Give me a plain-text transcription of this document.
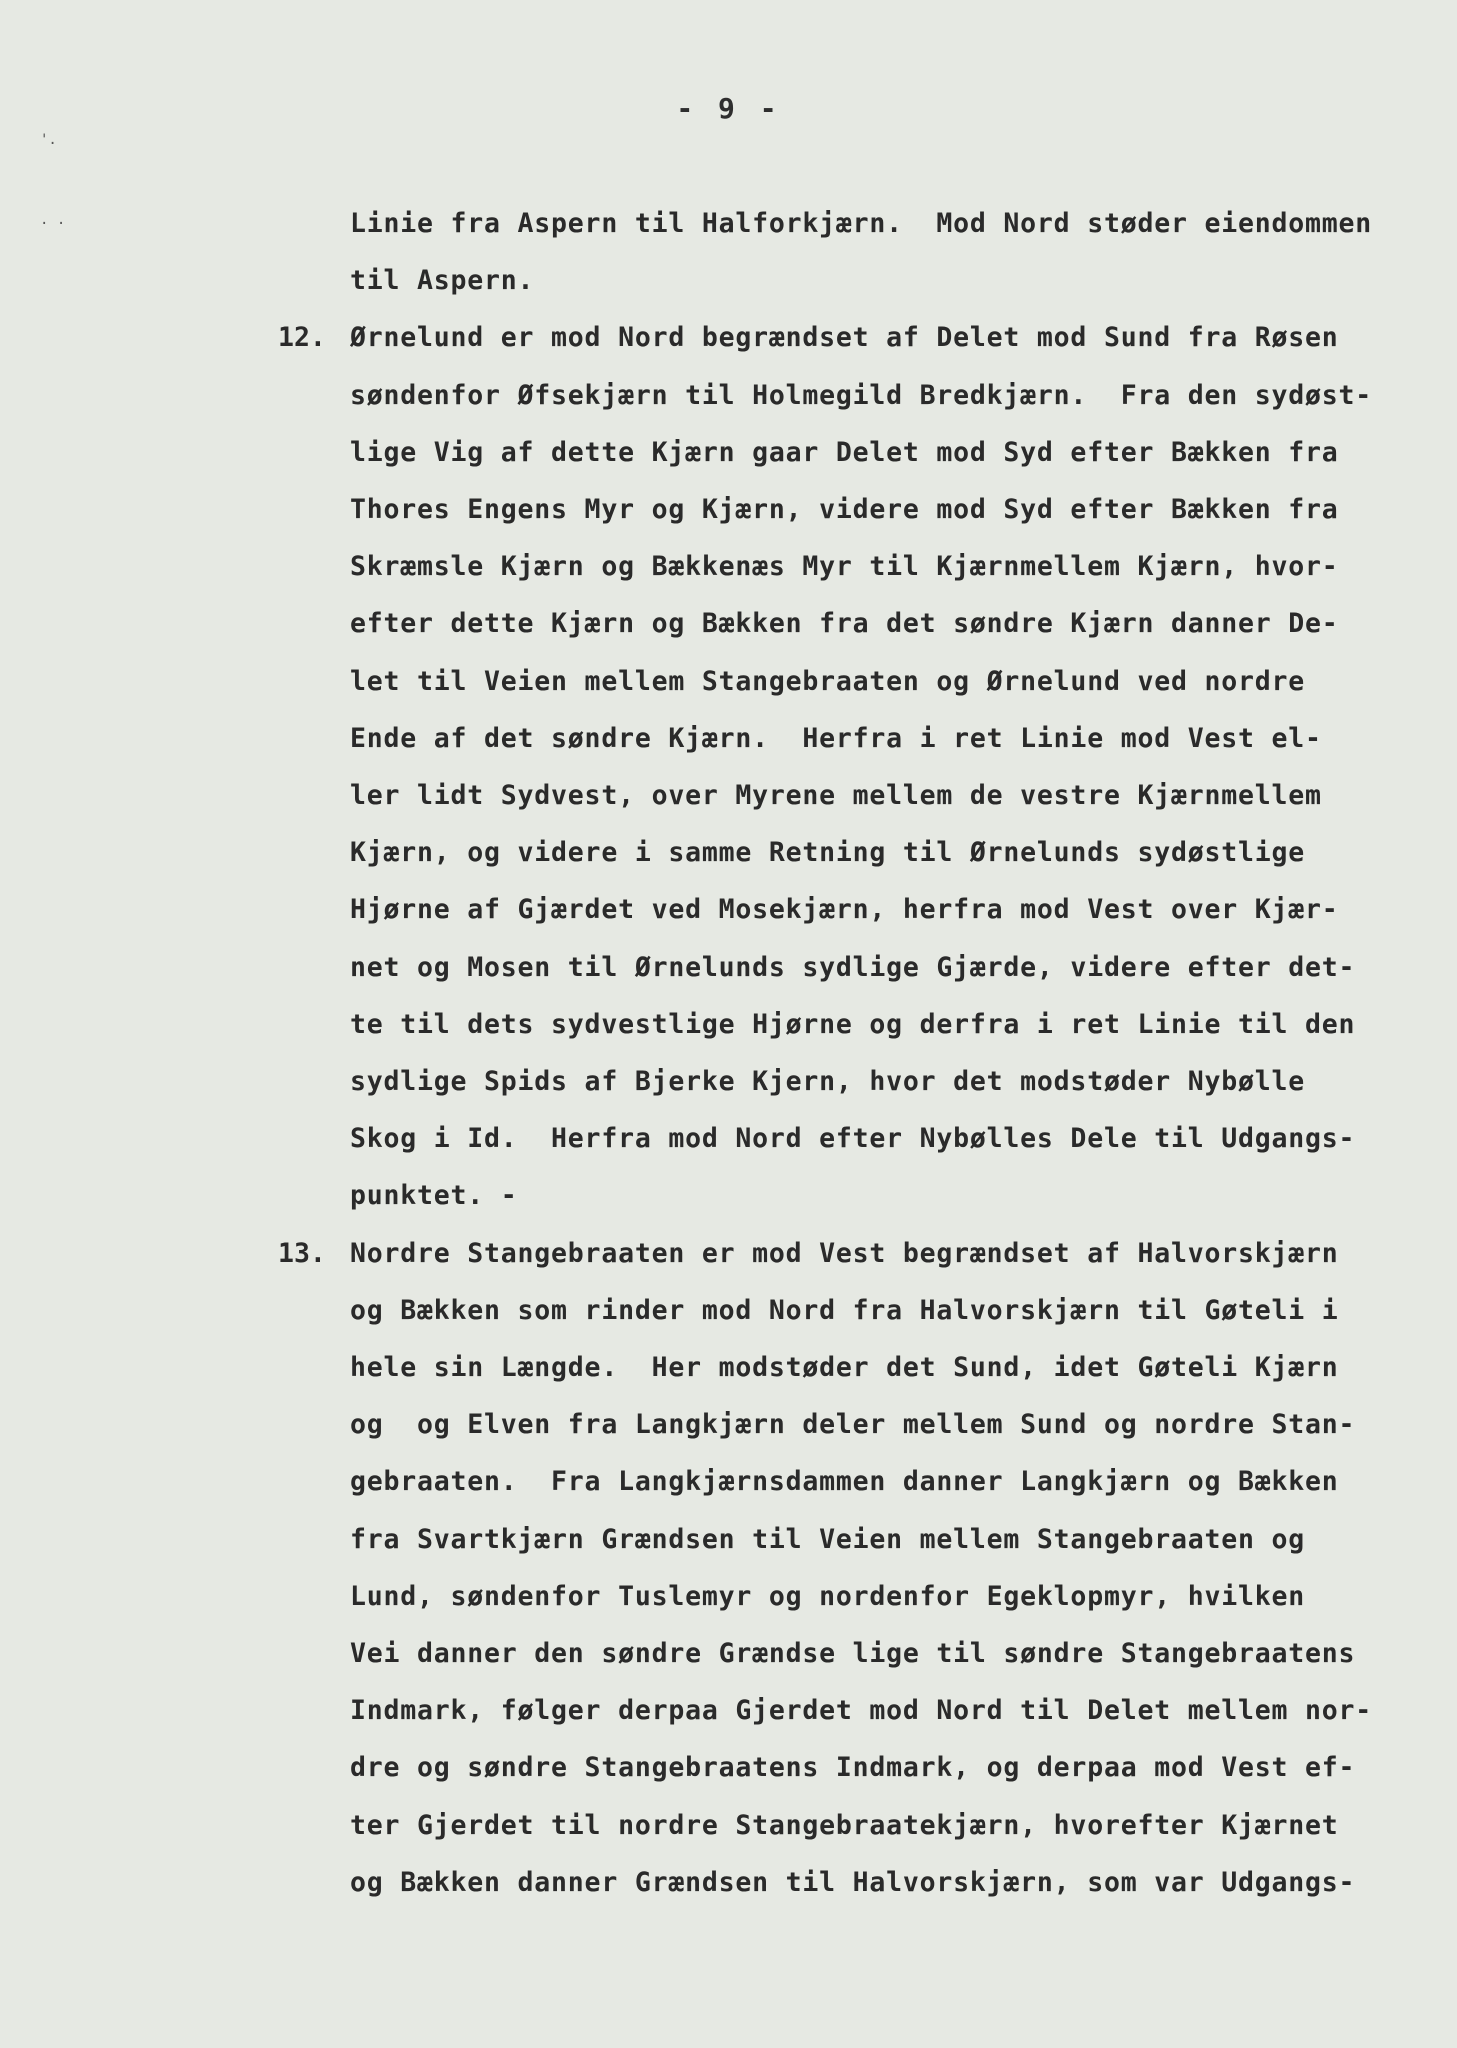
- 9 -
'.
. .	Linie fra Aspern til Halforkjærn.  Mod Nord støder eiendommen
til Aspern.
12. Ørnelund er mod Nord begrændset af Delet mod Sund fra Røsen
søndenfor Øfsekjærn til Holmegild Bredkjærn.  Fra den sydøst-
lige Vig af dette Kjærn gaar Delet mod Syd efter Bækken fra
Thores Engens Myr og Kjærn, videre mod Syd efter Bækken fra
Skræmsle Kjærn og Bækkenæs Myr til Kjærnmellem Kjærn, hvor-
efter dette Kjærn og Bækken fra det søndre Kjærn danner De-
let til Veien mellem Stangebraaten og Ørnelund ved nordre
Ende af det søndre Kjærn.  Herfra i ret Linie mod Vest el-
ler lidt Sydvest, over Myrene mellem de vestre Kjærnmellem
Kjærn, og videre i samme Retning til Ørnelunds sydøstlige
Hjørne af Gjærdet ved Mosekjærn, herfra mod Vest over Kjær-
net og Mosen til Ørnelunds sydlige Gjærde, videre efter det-
te til dets sydvestlige Hjørne og derfra i ret Linie til den
sydlige Spids af Bjerke Kjern, hvor det modstøder Nybølle
Skog i Id.  Herfra mod Nord efter Nybølles Dele til Udgangs-
punktet. -
13. Nordre Stangebraaten er mod Vest begrændset af Halvorskjærn
og Bækken som rinder mod Nord fra Halvorskjærn til Gøteli i
hele sin Længde.  Her modstøder det Sund, idet Gøteli Kjærn
og  og Elven fra Langkjærn deler mellem Sund og nordre Stan-
gebraaten.  Fra Langkjærnsdammen danner Langkjærn og Bækken
fra Svartkjærn Grændsen til Veien mellem Stangebraaten og
Lund, søndenfor Tuslemyr og nordenfor Egeklopmyr, hvilken
Vei danner den søndre Grændse lige til søndre Stangebraatens
Indmark, følger derpaa Gjerdet mod Nord til Delet mellem nor-
dre og søndre Stangebraatens Indmark, og derpaa mod Vest ef-
ter Gjerdet til nordre Stangebraatekjærn, hvorefter Kjærnet
og Bækken danner Grændsen til Halvorskjærn, som var Udgangs-
